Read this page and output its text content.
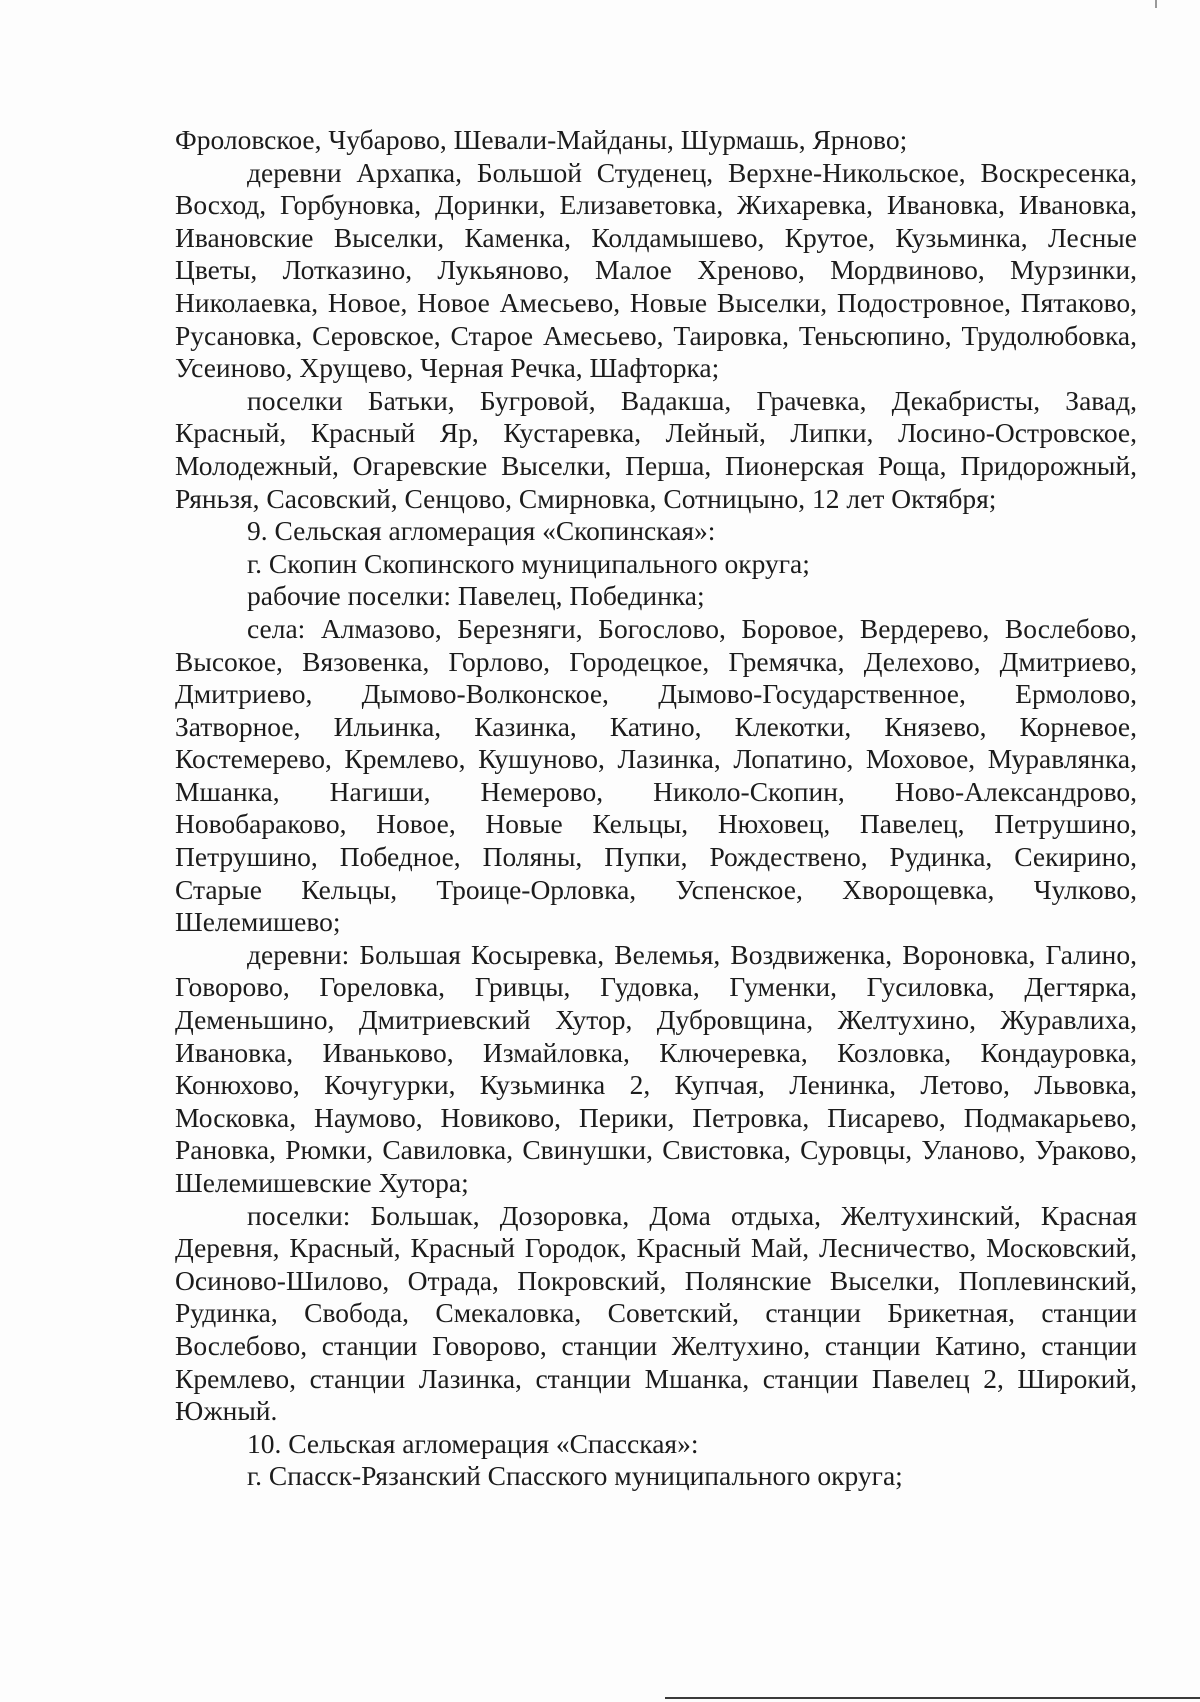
Фроловское, Чубарово, Шевали-Майданы, Шурмашь, Ярново;

деревни Архапка, Большой Студенец, Верхне-Никольское, Воскресенка, Восход, Горбуновка, Доринки, Елизаветовка, Жихаревка, Ивановка, Ивановка, Ивановские Выселки, Каменка, Колдамышево, Крутое, Кузьминка, Лесные Цветы, Лотказино, Лукьяново, Малое Хреново, Мордвиново, Мурзинки, Николаевка, Новое, Новое Амесьево, Новые Выселки, Подостровное, Пятаково, Русановка, Серовское, Старое Амесьево, Таировка, Теньсюпино, Трудолюбовка, Усеиново, Хрущево, Черная Речка, Шафторка;

поселки Батьки, Бугровой, Вадакша, Грачевка, Декабристы, Завад, Красный, Красный Яр, Кустаревка, Лейный, Липки, Лосино-Островское, Молодежный, Огаревские Выселки, Перша, Пионерская Роща, Придорожный, Ряньзя, Сасовский, Сенцово, Смирновка, Сотницыно, 12 лет Октября;

9. Сельская агломерация «Скопинская»:

г. Скопин Скопинского муниципального округа;

рабочие поселки: Павелец, Побединка;

села: Алмазово, Березняги, Богослово, Боровое, Вердерево, Вослебово, Высокое, Вязовенка, Горлово, Городецкое, Гремячка, Делехово, Дмитриево, Дмитриево, Дымово-Волконское, Дымово-Государственное, Ермолово, Затворное, Ильинка, Казинка, Катино, Клекотки, Князево, Корневое, Костемерево, Кремлево, Кушуново, Лазинка, Лопатино, Моховое, Муравлянка, Мшанка, Нагиши, Немерово, Николо-Скопин, Ново-Александрово, Новобараково, Новое, Новые Кельцы, Нюховец, Павелец, Петрушино, Петрушино, Победное, Поляны, Пупки, Рождествено, Рудинка, Секирино, Старые Кельцы, Троице-Орловка, Успенское, Хворощевка, Чулково, Шелемишево;

деревни: Большая Косыревка, Велемья, Воздвиженка, Вороновка, Галино, Говорово, Гореловка, Гривцы, Гудовка, Гуменки, Гусиловка, Дегтярка, Деменьшино, Дмитриевский Хутор, Дубровщина, Желтухино, Журавлиха, Ивановка, Иваньково, Измайловка, Ключеревка, Козловка, Кондауровка, Конюхово, Кочугурки, Кузьминка 2, Купчая, Ленинка, Летово, Львовка, Московка, Наумово, Новиково, Перики, Петровка, Писарево, Подмакарьево, Рановка, Рюмки, Савиловка, Свинушки, Свистовка, Суровцы, Уланово, Ураково, Шелемишевские Хутора;

поселки: Большак, Дозоровка, Дома отдыха, Желтухинский, Красная Деревня, Красный, Красный Городок, Красный Май, Лесничество, Московский, Осиново-Шилово, Отрада, Покровский, Полянские Выселки, Поплевинский, Рудинка, Свобода, Смекаловка, Советский, станции Брикетная, станции Вослебово, станции Говорово, станции Желтухино, станции Катино, станции Кремлево, станции Лазинка, станции Мшанка, станции Павелец 2, Широкий, Южный.

10. Сельская агломерация «Спасская»:

г. Спасск-Рязанский Спасского муниципального округа;
